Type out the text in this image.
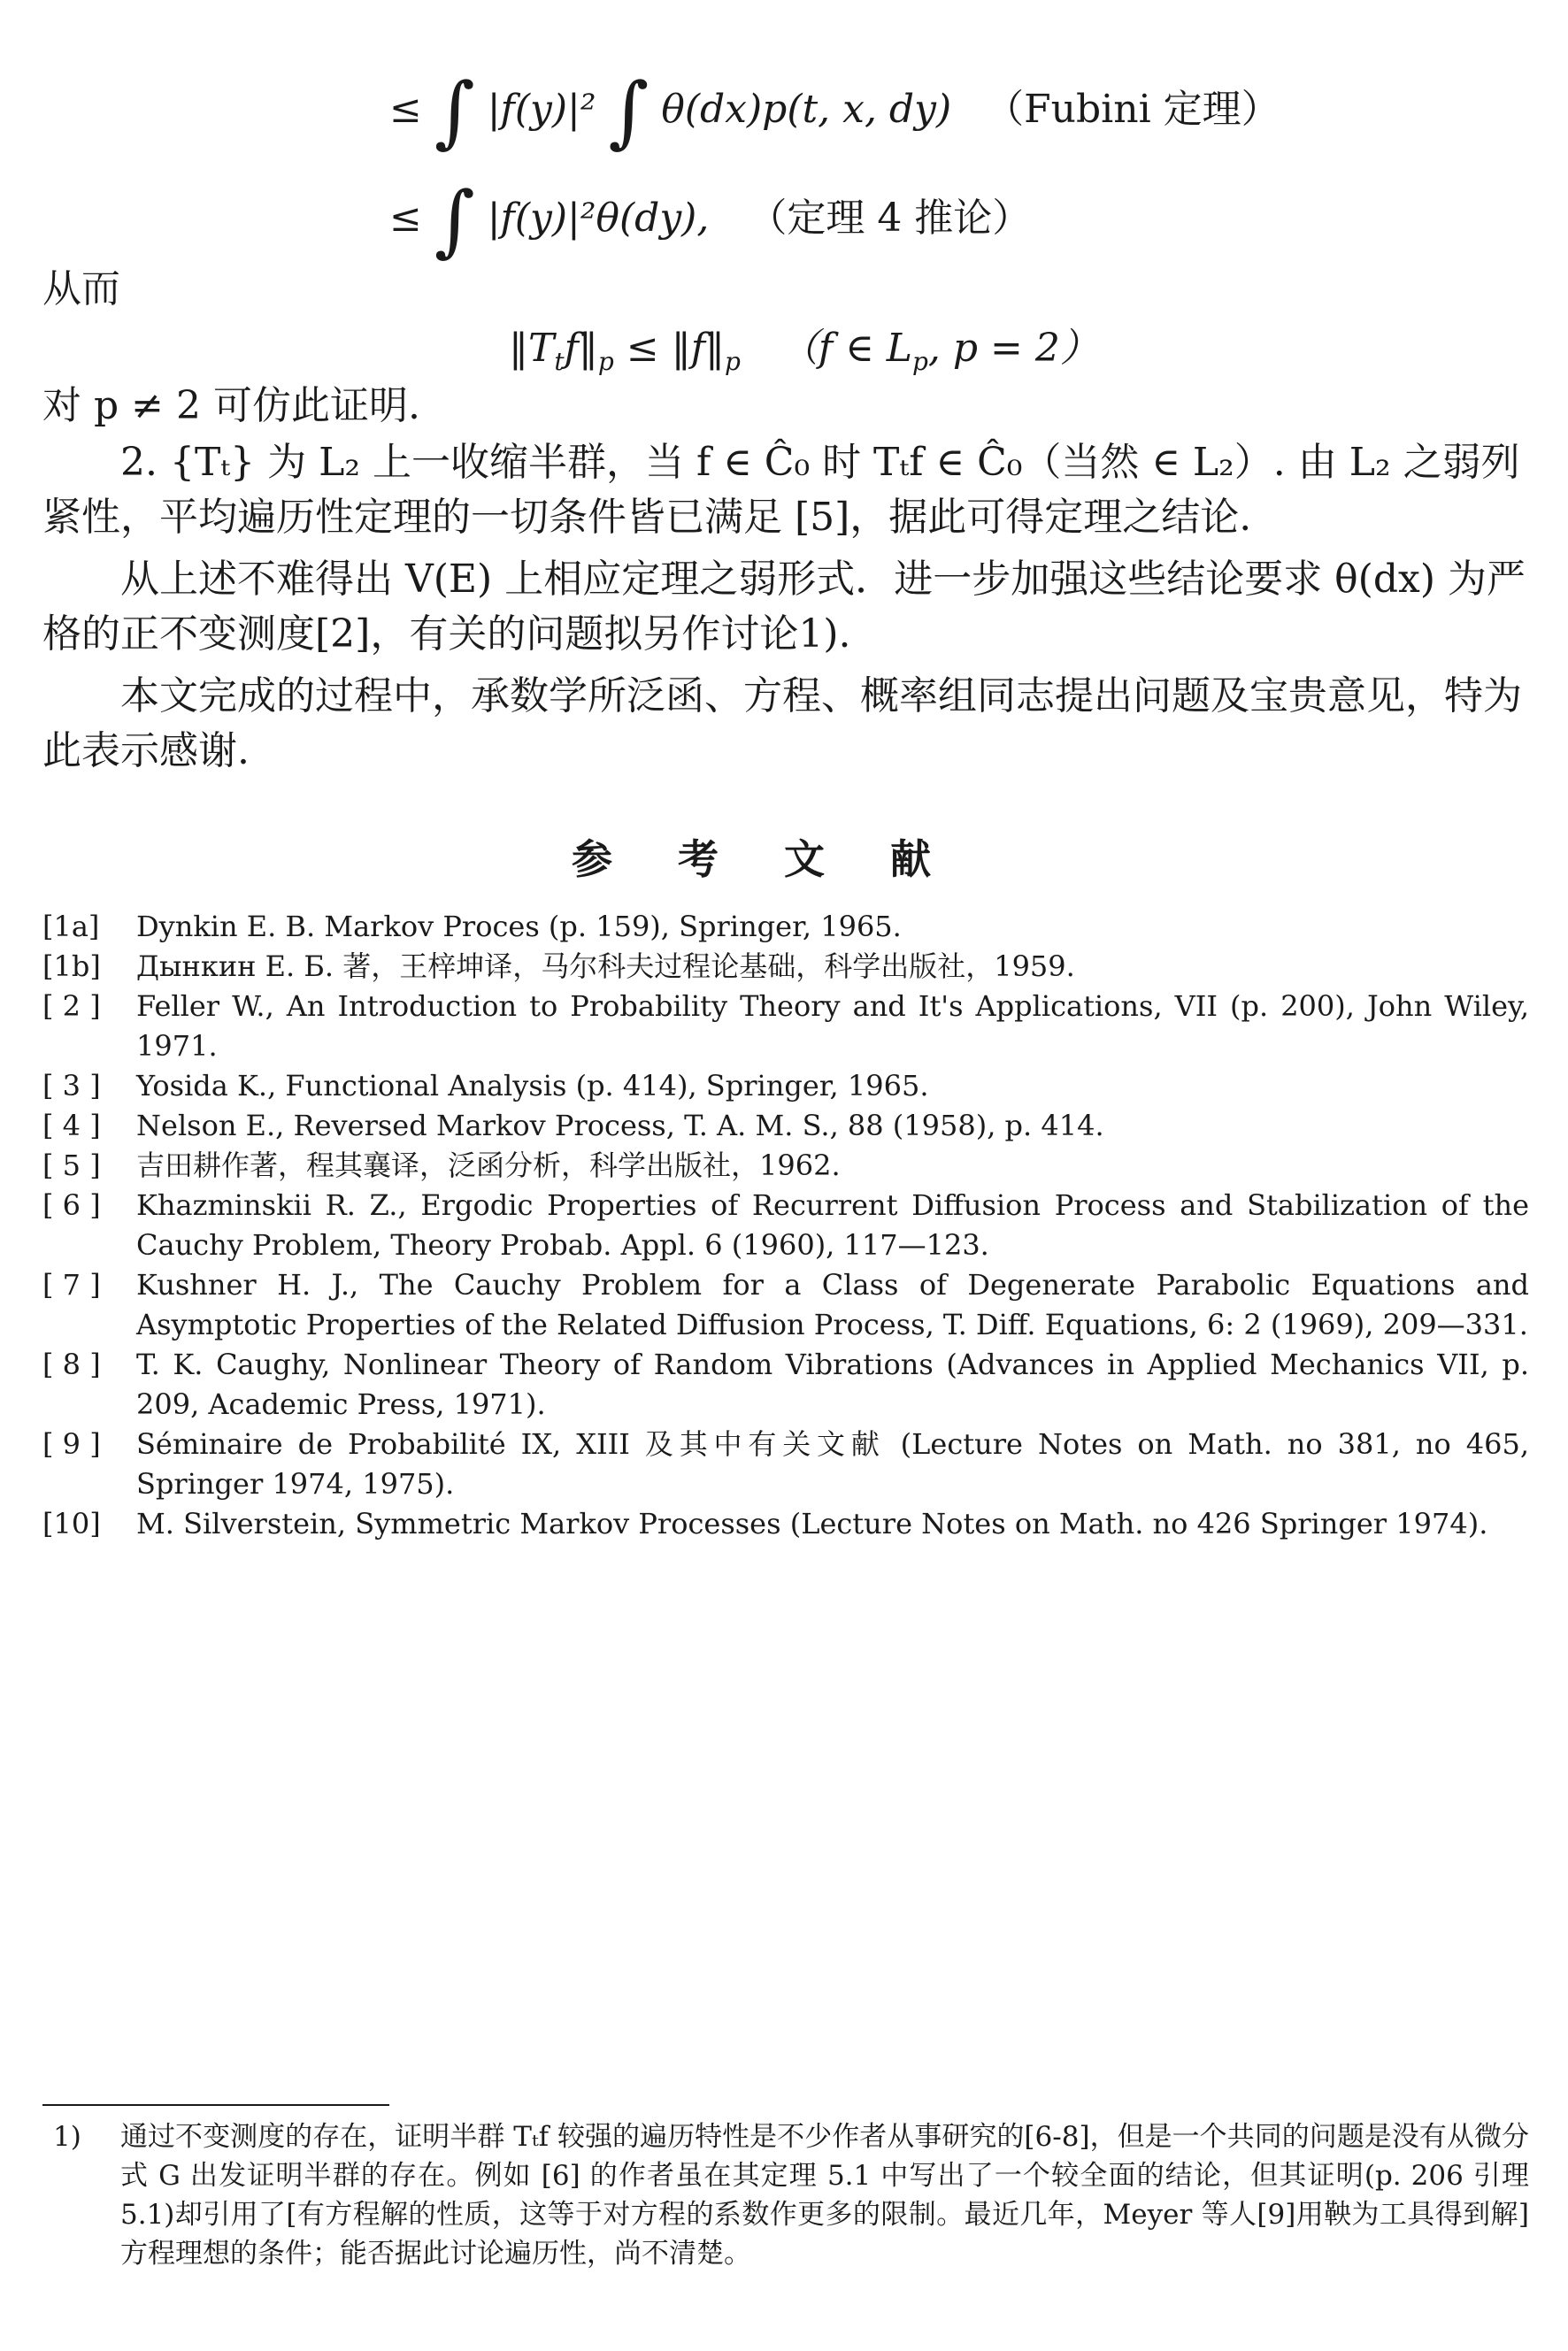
≤ ∫ |f(y)|² ∫ θ(dx)p(t, x, dy) （Fubini 定理）
≤ ∫ |f(y)|²θ(dy), （定理 4 推论）
从而
$‖T_tf‖_p$ ≤ $‖f‖_p$ （f ∈ $L_p$, p = 2）
对 p ≠ 2 可仿此证明.
2. {Tₜ} 为 L₂ 上一收缩半群，当 f ∈ Ĉ₀ 时 Tₜf ∈ Ĉ₀（当然 ∈ L₂）. 由 L₂ 之弱列紧性，平均遍历性定理的一切条件皆已满足 [5]，据此可得定理之结论.
从上述不难得出 V(E) 上相应定理之弱形式．进一步加强这些结论要求 θ(dx) 为严格的正不变测度[2]，有关的问题拟另作讨论1).
本文完成的过程中，承数学所泛函、方程、概率组同志提出问题及宝贵意见，特为此表示感谢.
参考文献
[1a]	Dynkin E. B. Markov Proces (p. 159), Springer, 1965.
[1b]	Дынкин Е. Б. 著，王梓坤译，马尔科夫过程论基础，科学出版社，1959.
[ 2 ]	Feller W., An Introduction to Probability Theory and It's Applications, VII (p. 200), John Wiley, 1971.
[ 3 ]	Yosida K., Functional Analysis (p. 414), Springer, 1965.
[ 4 ]	Nelson E., Reversed Markov Process, T. A. M. S., 88 (1958), p. 414.
[ 5 ]	吉田耕作著，程其襄译，泛函分析，科学出版社，1962.
[ 6 ]	Khazminskii R. Z., Ergodic Properties of Recurrent Diffusion Process and Stabilization of the Cauchy Problem, Theory Probab. Appl. 6 (1960), 117—123.
[ 7 ]	Kushner H. J., The Cauchy Problem for a Class of Degenerate Parabolic Equations and Asymptotic Properties of the Related Diffusion Process, T. Diff. Equations, 6: 2 (1969), 209—331.
[ 8 ]	T. K. Caughy, Nonlinear Theory of Random Vibrations (Advances in Applied Mechanics VII, p. 209, Academic Press, 1971).
[ 9 ]	Séminaire de Probabilité IX, XIII 及其中有关文献 (Lecture Notes on Math. no 381, no 465, Springer 1974, 1975).
[10]	M. Silverstein, Symmetric Markov Processes (Lecture Notes on Math. no 426 Springer 1974).
1) 通过不变测度的存在，证明半群 Tₜf 较强的遍历特性是不少作者从事研究的[6-8]，但是一个共同的问题是没有从微分式 G 出发证明半群的存在。例如 [6] 的作者虽在其定理 5.1 中写出了一个较全面的结论，但其证明(p. 206 引理 5.1)却引用了[有方程解的性质，这等于对方程的系数作更多的限制。最近几年，Meyer 等人[9]用鞅为工具得到解]方程理想的条件；能否据此讨论遍历性，尚不清楚。
